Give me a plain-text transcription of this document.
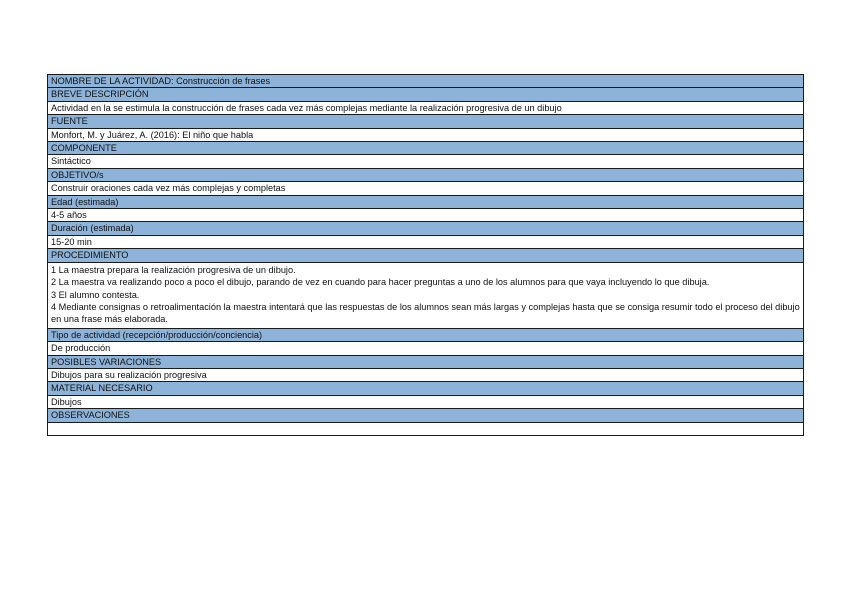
NOMBRE DE LA ACTIVIDAD: Construcción de frases
BREVE DESCRIPCIÓN
Actividad en la se estimula la construcción de frases cada vez más complejas mediante la realización progresiva de un dibujo
FUENTE
Monfort, M. y Juárez, A. (2016): El niño que habla
COMPONENTE
Sintáctico
OBJETIVO/s
Construir oraciones cada vez más complejas y completas
Edad (estimada)
4-5 años
Duración (estimada)
15-20 min
PROCEDIMIENTO

1 La maestra prepara la realización progresiva de un dibujo.
2 La maestra va realizando poco a poco el dibujo, parando de vez en cuando para hacer preguntas a uno de los alumnos para que vaya incluyendo lo que dibuja.
3 El alumno contesta.
4 Mediante consignas o retroalimentación la maestra intentará que las respuestas de los alumnos sean más largas y complejas hasta que se consiga resumir todo el proceso del dibujo en una frase más elaborada.

Tipo de actividad (recepción/producción/conciencia)
De producción
POSIBLES VARIACIONES
Dibujos para su realización progresiva
MATERIAL NECESARIO
Dibujos
OBSERVACIONES
